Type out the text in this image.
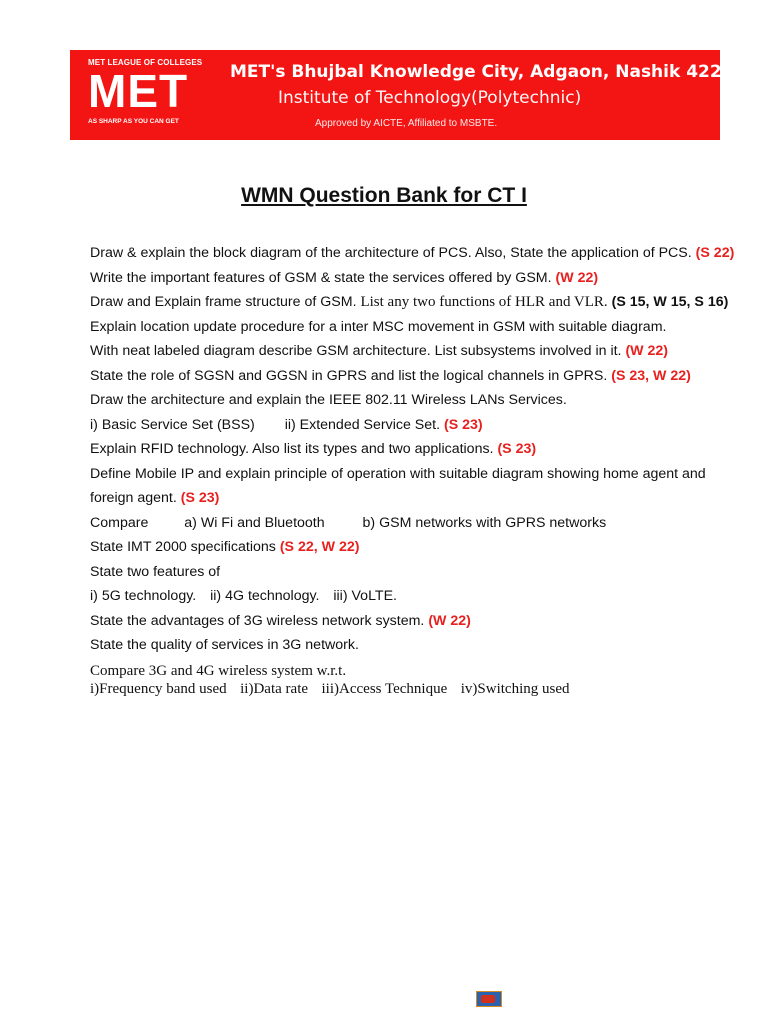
MET LEAGUE OF COLLEGES
MET
AS SHARP AS YOU CAN GET
MET's Bhujbal Knowledge City, Adgaon, Nashik 422003.
Institute of Technology(Polytechnic)
Approved by AICTE, Affiliated to MSBTE.
WMN Question Bank for CT I
Draw & explain the block diagram of the architecture of PCS. Also, State the application of PCS. (S 22)
Write the important features of GSM & state the services offered by GSM. (W 22)
Draw and Explain frame structure of GSM. List any two functions of HLR and VLR. (S 15, W 15, S 16)
Explain location update procedure for a inter MSC movement in GSM with suitable diagram.
With neat labeled diagram describe GSM architecture. List subsystems involved in it. (W 22)
State the role of SGSN and GGSN in GPRS and list the logical channels in GPRS. (S 23, W 22)
Draw the architecture and explain the IEEE 802.11 Wireless LANs Services.
i) Basic Service Set (BSS) ii) Extended Service Set. (S 23)
Explain RFID technology. Also list its types and two applications. (S 23)
Define Mobile IP and explain principle of operation with suitable diagram showing home agent and
foreign agent. (S 23)
Compare	a) Wi Fi and Bluetooth	b) GSM networks with GPRS networks
State IMT 2000 specifications (S 22, W 22)
State two features of
i) 5G technology. ii) 4G technology. iii) VoLTE.
State the advantages of 3G wireless network system. (W 22)
State the quality of services in 3G network.
Compare 3G and 4G wireless system w.r.t.
i)Frequency band used ii)Data rate iii)Access Technique iv)Switching used
